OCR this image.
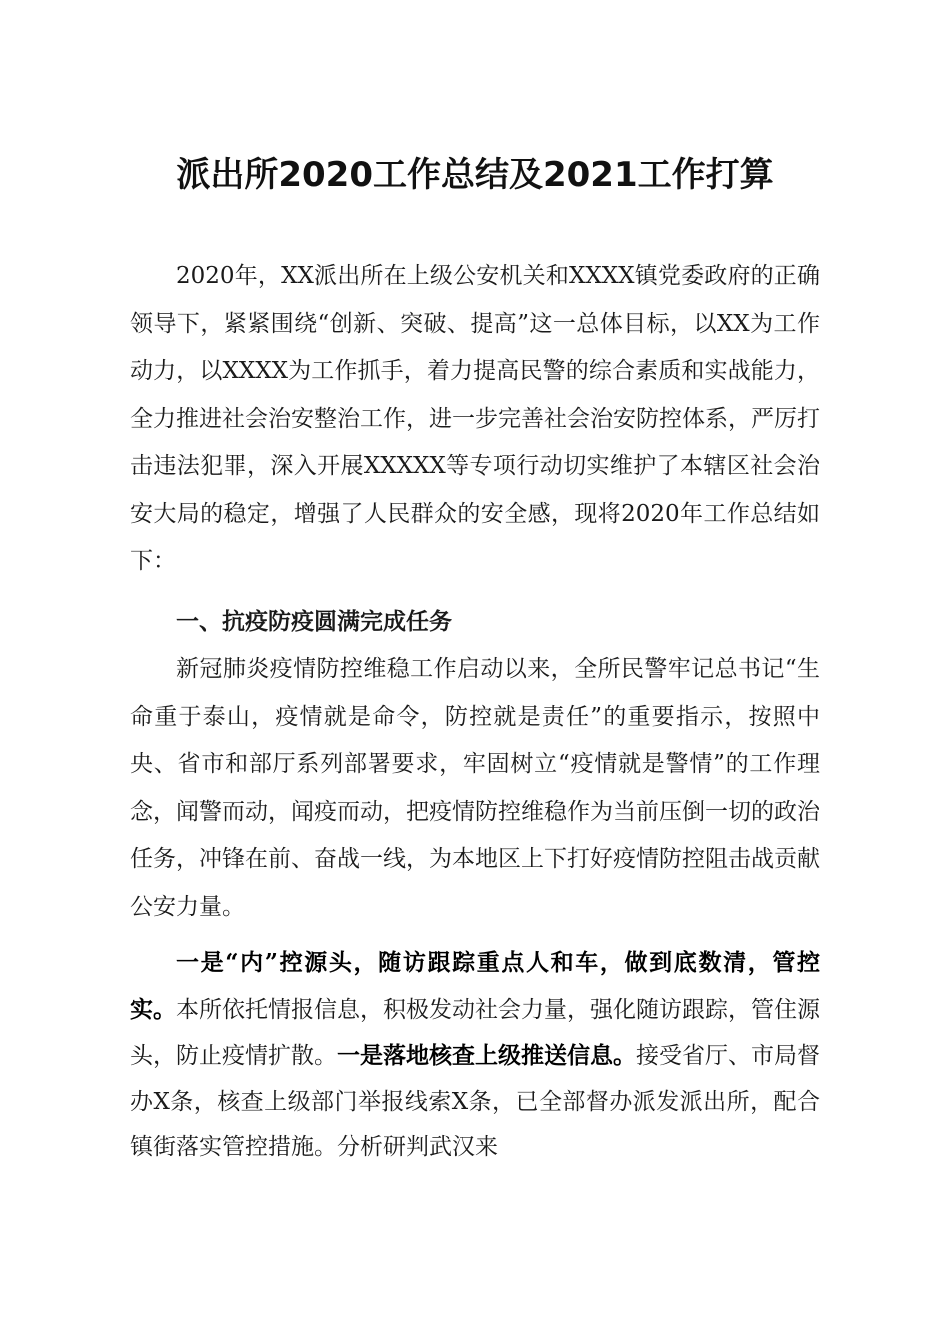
派出所2020工作总结及2021工作打算

2020年，XX派出所在上级公安机关和XXXX镇党委政府的正确领导下，紧紧围绕“创新、突破、提高”这一总体目标，以XX为工作动力，以XXXX为工作抓手，着力提高民警的综合素质和实战能力，全力推进社会治安整治工作，进一步完善社会治安防控体系，严厉打击违法犯罪，深入开展XXXXX等专项行动切实维护了本辖区社会治安大局的稳定，增强了人民群众的安全感，现将2020年工作总结如下：

一、抗疫防疫圆满完成任务

新冠肺炎疫情防控维稳工作启动以来，全所民警牢记总书记“生命重于泰山，疫情就是命令，防控就是责任”的重要指示，按照中央、省市和部厅系列部署要求，牢固树立“疫情就是警情”的工作理念，闻警而动，闻疫而动，把疫情防控维稳作为当前压倒一切的政治任务，冲锋在前、奋战一线，为本地区上下打好疫情防控阻击战贡献公安力量。

一是“内”控源头，随访跟踪重点人和车，做到底数清，管控实。本所依托情报信息，积极发动社会力量，强化随访跟踪，管住源头，防止疫情扩散。一是落地核查上级推送信息。接受省厅、市局督办X条，核查上级部门举报线索X条，已全部督办派发派出所，配合镇街落实管控措施。分析研判武汉来
